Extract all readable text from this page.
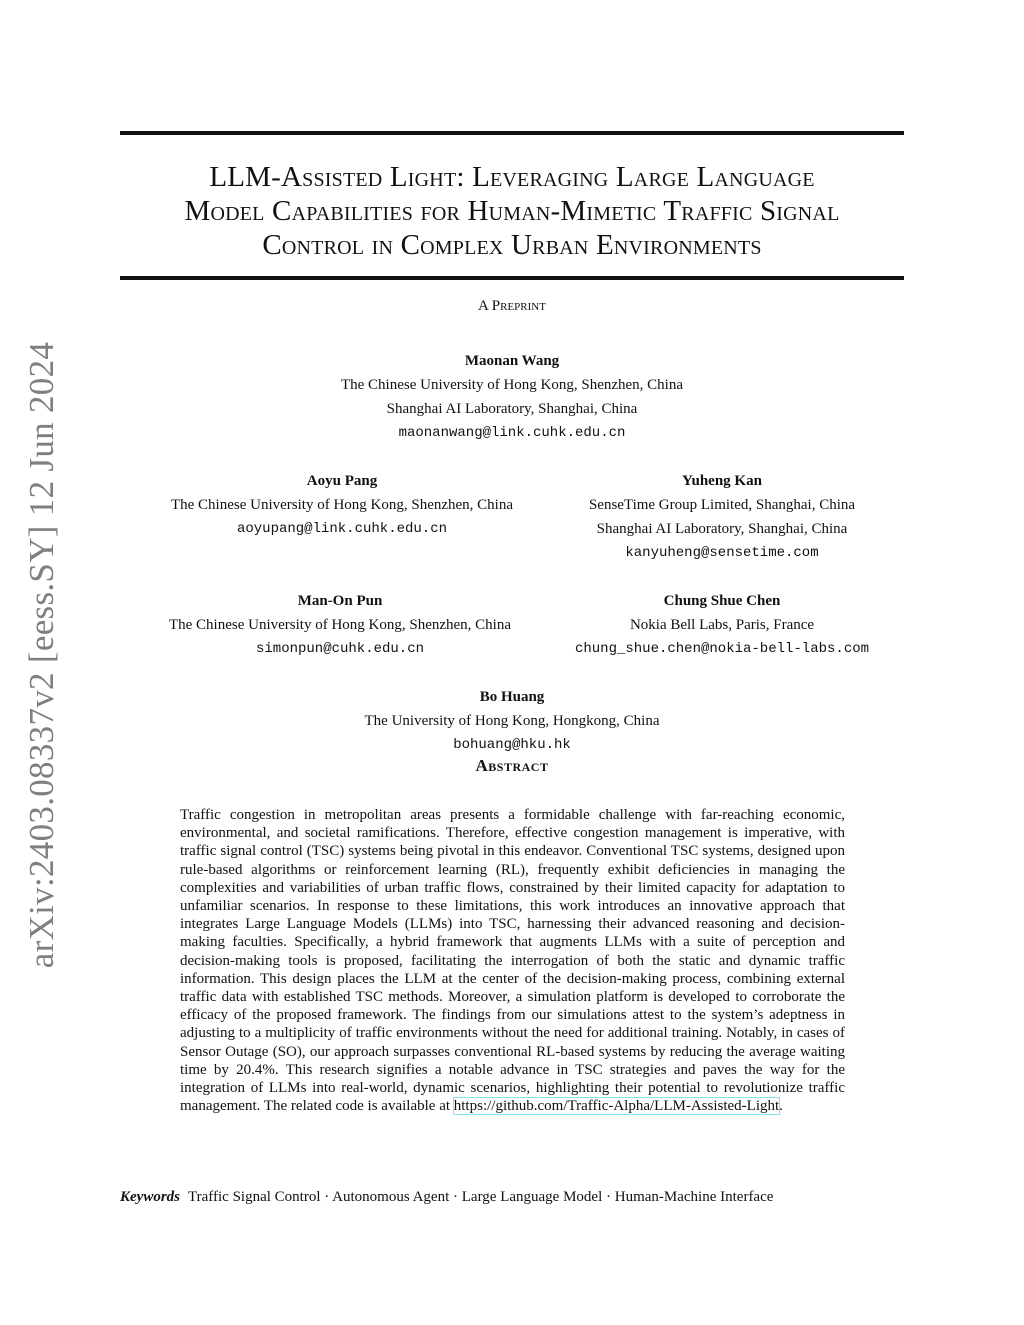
arXiv:2403.08337v2 [eess.SY] 12 Jun 2024
LLM-Assisted Light: Leveraging Large Language
Model Capabilities for Human-Mimetic Traffic Signal
Control in Complex Urban Environments
A Preprint
Maonan Wang
The Chinese University of Hong Kong, Shenzhen, China
Shanghai AI Laboratory, Shanghai, China
maonanwang@link.cuhk.edu.cn
Aoyu Pang
The Chinese University of Hong Kong, Shenzhen, China
aoyupang@link.cuhk.edu.cn
Yuheng Kan
SenseTime Group Limited, Shanghai, China
Shanghai AI Laboratory, Shanghai, China
kanyuheng@sensetime.com
Man-On Pun
The Chinese University of Hong Kong, Shenzhen, China
simonpun@cuhk.edu.cn
Chung Shue Chen
Nokia Bell Labs, Paris, France
chung_shue.chen@nokia-bell-labs.com
Bo Huang
The University of Hong Kong, Hongkong, China
bohuang@hku.hk
Abstract

Traffic congestion in metropolitan areas presents a formidable challenge with far-reaching economic, environmental, and societal ramifications. Therefore, effective congestion management is imperative, with traffic signal control (TSC) systems being pivotal in this endeavor. Conventional TSC systems, designed upon rule-based algorithms or reinforcement learning (RL), frequently exhibit deficiencies in managing the complexities and variabilities of urban traffic flows, constrained by their limited capacity for adaptation to unfamiliar scenarios. In response to these limitations, this work introduces an innovative approach that integrates Large Language Models (LLMs) into TSC, harnessing their advanced reasoning and decision-making faculties. Specifically, a hybrid framework that augments LLMs with a suite of perception and decision-making tools is proposed, facilitating the interrogation of both the static and dynamic traffic information. This design places the LLM at the center of the decision-making process, combining external traffic data with established TSC methods. Moreover, a simulation platform is developed to corroborate the efficacy of the proposed framework. The findings from our simulations attest to the system’s adeptness in adjusting to a multiplicity of traffic environments without the need for additional training. Notably, in cases of Sensor Outage (SO), our approach surpasses conventional RL-based systems by reducing the average waiting time by 20.4%. This research signifies a notable advance in TSC strategies and paves the way for the integration of LLMs into real-world, dynamic scenarios, highlighting their potential to revolutionize traffic management. The related code is available at https://github.com/Traffic-Alpha/LLM-Assisted-Light.

Keywords Traffic Signal Control · Autonomous Agent · Large Language Model · Human-Machine Interface
